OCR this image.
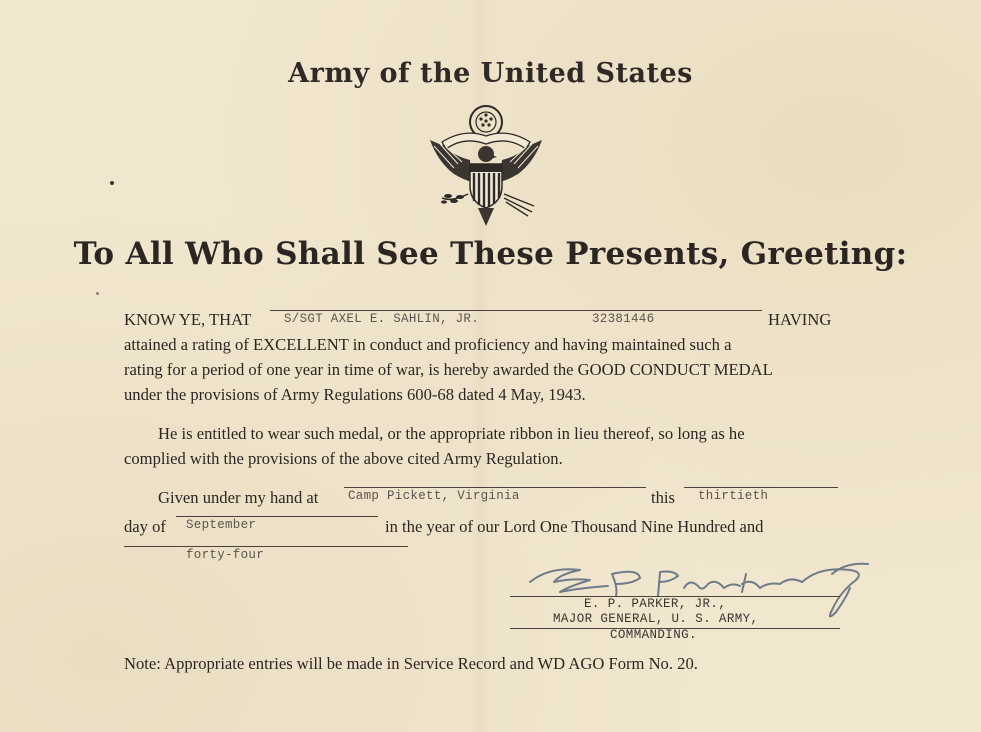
Army of the United States
To All Who Shall See These Presents, Greeting:
KNOW YE, THAT	S/SGT AXEL E. SAHLIN, JR.	32381446	HAVING
attained a rating of EXCELLENT in conduct and proficiency and having maintained such a
rating for a period of one year in time of war, is hereby awarded the GOOD CONDUCT MEDAL
under the provisions of Army Regulations 600-68 dated 4 May, 1943.
He is entitled to wear such medal, or the appropriate ribbon in lieu thereof, so long as he
complied with the provisions of the above cited Army Regulation.
Given under my hand at Camp Pickett, Virginia	this thirtieth
day of September	in the year of our Lord One Thousand Nine Hundred and
forty-four
E. P. PARKER, JR.,
MAJOR GENERAL, U. S. ARMY,
COMMANDING.
Note: Appropriate entries will be made in Service Record and WD AGO Form No. 20.
